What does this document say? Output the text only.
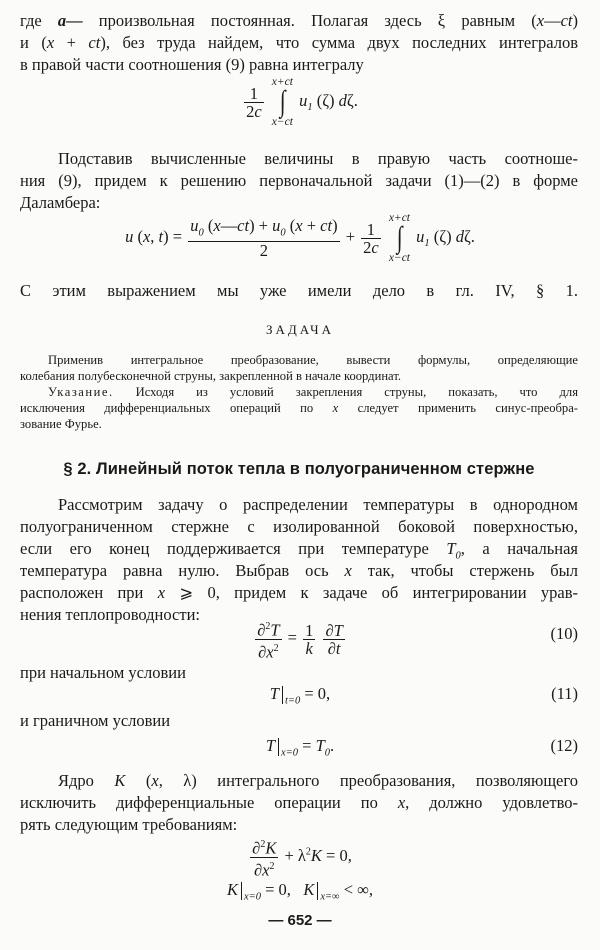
где a— произвольная постоянная. Полагая здесь ξ равным (x—ct)
и (x + ct), без труда найдем, что сумма двух последних интегралов
в правой части соотношения (9) равна интегралу
$\frac{1}{2c}$

x+ct
∫
x−ct
$u_1$ (ζ) dζ.
Подставив вычисленные величины в правую часть соотноше-
ния (9), придем к решению первоначальной задачи (1)—(2) в форме
Даламбера:
u (x, $t) = \frac{u_0 (x—ct) + u_0 (x + ct)}{2} + \frac{1}{2c}$

x+ct
∫
x−ct
$u_1$ (ζ) dζ.
С этим выражением мы уже имели дело в гл. IV, § 1.
ЗАДАЧА
Применив интегральное преобразование, вывести формулы, определяющие
колебания полубесконечной струны, закрепленной в начале координат.
Указание. Исходя из условий закрепления струны, показать, что для
исключения дифференциальных операций по x следует применить синус-преобра-
зование Фурье.
§ 2. Линейный поток тепла в полуограниченном стержне
Рассмотрим задачу о распределении температуры в однородном
полуограниченном стержне с изолированной боковой поверхностью,
если его конец поддерживается при температуре $T_0$, а начальная
температура равна нулю. Выбрав ось x так, чтобы стержень был
расположен при x ⩾ 0, придем к задаче об интегрировании урав-
нения теплопроводности:
$\frac{\partial^2T}{\partial x^2} = \frac{1}{k}$
$\frac{\partial T}{\partial t}$	(10)
при начальном условии
T $_{t=0}$ = 0,	(11)
и граничном условии
T $_{x=0} = T_0$.	(12)
Ядро K (x, λ) интегрального преобразования, позволяющего
исключить дифференциальные операции по x, должно удовлетво-
рять следующим требованиям:
$\frac{\partial^2K}{\partial x^2} + \lambda^2K = 0$,
K $_{x=0}$ = 0,   K $_{x=\infty}$ < ∞,
— 652 —
